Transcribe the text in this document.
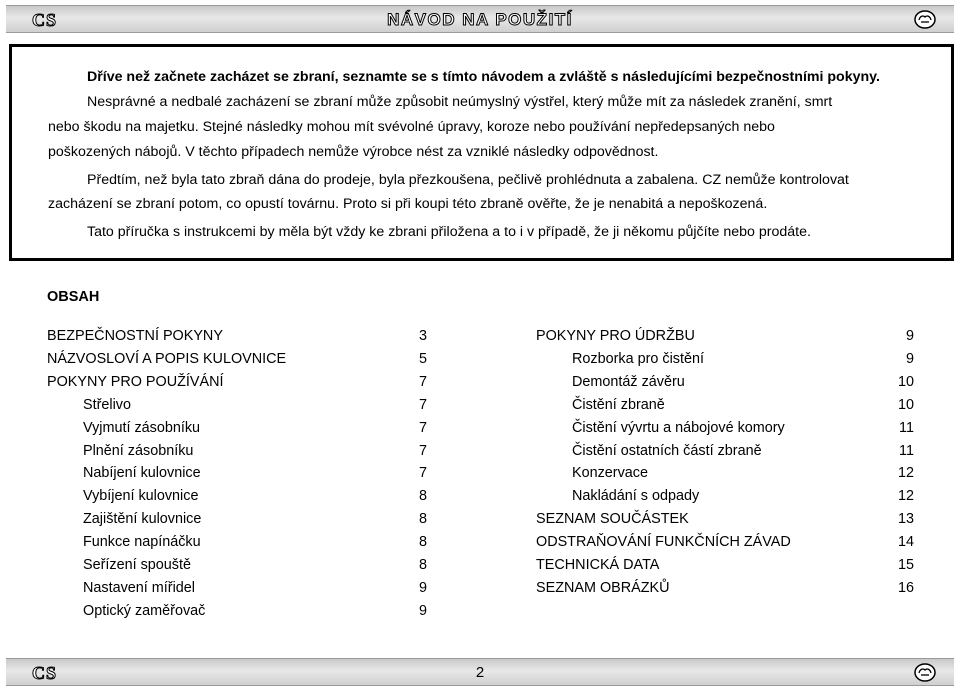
CS	NÁVOD NA POUŽITÍ

Dříve než začnete zacházet se zbraní, seznamte se s tímto návodem a zvláště s následujícími bezpečnostními pokyny.

Nesprávné a nedbalé zacházení se zbraní může způsobit neúmyslný výstřel, který může mít za následek zranění, smrt

nebo škodu na majetku. Stejné následky mohou mít svévolné úpravy, koroze nebo používání nepředepsaných nebo

poškozených nábojů. V těchto případech nemůže výrobce nést za vzniklé následky odpovědnost.

Předtím, než byla tato zbraň dána do prodeje, byla přezkoušena, pečlivě prohlédnuta a zabalena. CZ nemůže kontrolovat

zacházení se zbraní potom, co opustí továrnu. Proto si při koupi této zbraně ověřte, že je nenabitá a nepoškozená.

Tato příručka s instrukcemi by měla být vždy ke zbrani přiložena a to i v případě, že ji někomu půjčíte nebo prodáte.

OBSAH
BEZPEČNOSTNÍ POKYNY	3
NÁZVOSLOVÍ A POPIS KULOVNICE	5
POKYNY PRO POUŽÍVÁNÍ	7
Střelivo	7
Vyjmutí zásobníku	7
Plnění zásobníku	7
Nabíjení kulovnice	7
Vybíjení kulovnice	8
Zajištění kulovnice	8
Funkce napínáčku	8
Seřízení spouště	8
Nastavení mířidel	9
Optický zaměřovač	9
POKYNY PRO ÚDRŽBU	9
Rozborka pro čistění	9
Demontáž závěru	10
Čistění zbraně	10
Čistění vývrtu a nábojové komory	11
Čistění ostatních částí zbraně	11
Konzervace	12
Nakládání s odpady	12
SEZNAM SOUČÁSTEK	13
ODSTRAŇOVÁNÍ FUNKČNÍCH ZÁVAD	14
TECHNICKÁ DATA	15
SEZNAM OBRÁZKŮ	16
CS	2
